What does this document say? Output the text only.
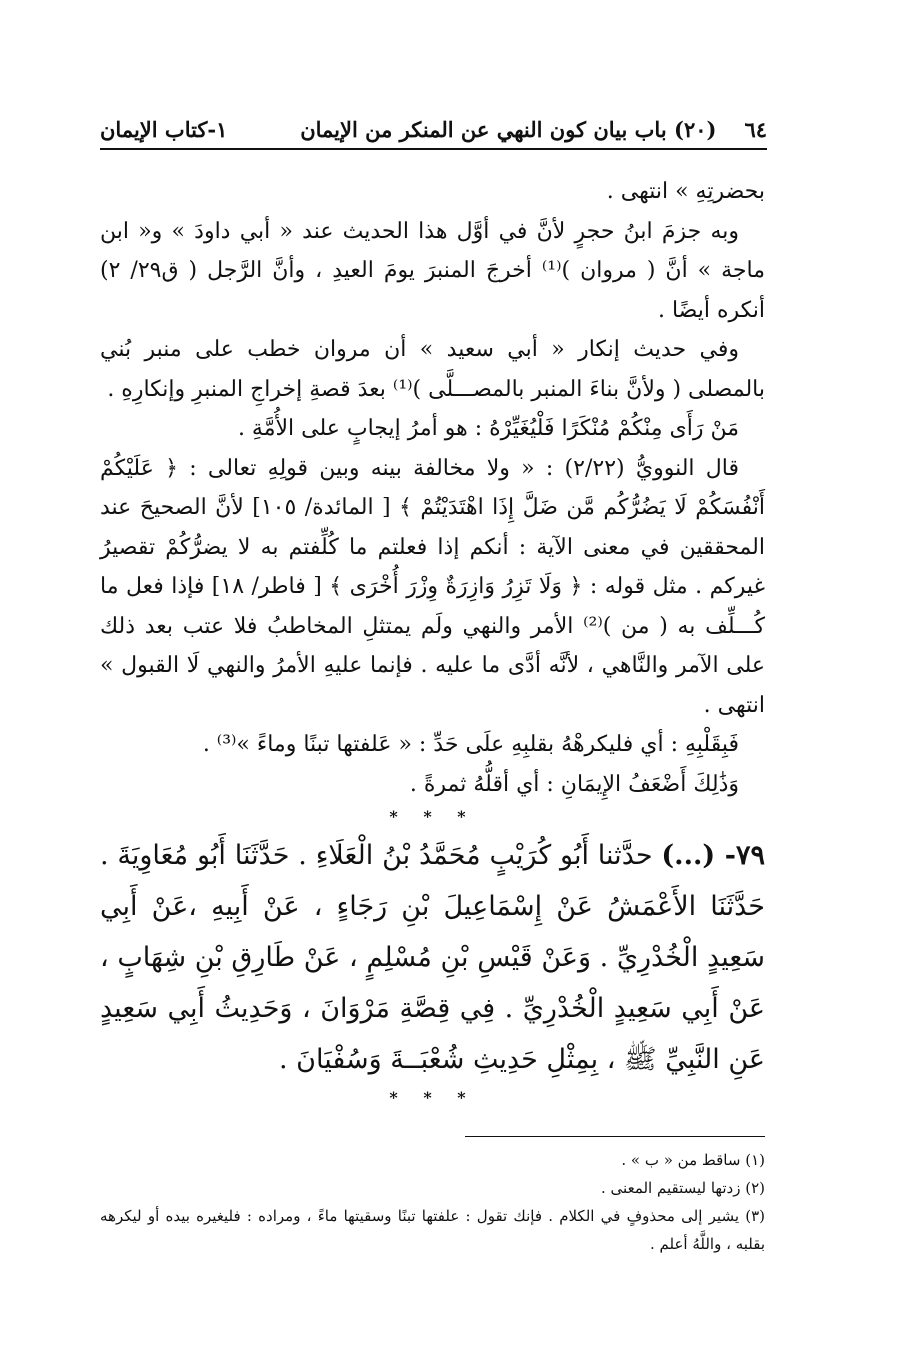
٦٤
(٢٠) باب بيان كون النهي عن المنكر من الإيمان
١-كتاب الإيمان

بحضرتِهِ » انتهى .

وبه جزمَ ابنُ حجرٍ لأنَّ في أوَّل هذا الحديث عند « أبي داودَ » و« ابن ماجة » أنَّ ( مروان )⁽¹⁾ أخرجَ المنبرَ يومَ العيدِ ، وأنَّ الرَّجل ( ق٢٩/ ٢) أنكره أيضًا .

وفي حديث إنكار « أبي سعيد » أن مروان خطب على منبر بُني بالمصلى ( ولأنَّ بناءَ المنبر بالمصـــلَّى )⁽¹⁾ بعدَ قصةِ إخراجِ المنبرِ وإنكارِهِ .

مَنْ رَأَى مِنْكُمْ مُنْكَرًا فَلْيُغَيِّرْهُ : هو أمرُ إيجابٍ على الأُمَّةِ .

قال النوويُّ (٢/٢٢) : « ولا مخالفة بينه وبين قولِهِ تعالى : ﴿ عَلَيْكُمْ أَنْفُسَكُمْ لَا يَضُرُّكُم مَّن ضَلَّ إِذَا اهْتَدَيْتُمْ ﴾ [ المائدة/ ١٠٥] لأنَّ الصحيحَ عند المحققين في معنى الآية : أنكم إذا فعلتم ما كُلِّفتم به لا يضرُّكُمْ تقصيرُ غيركم . مثل قوله : ﴿ وَلَا تَزِرُ وَازِرَةٌ وِزْرَ أُخْرَى ﴾ [ فاطر/ ١٨] فإذا فعل ما كُـــلِّف به ( من )⁽²⁾ الأمر والنهي ولَم يمتثلِ المخاطبُ فلا عتب بعد ذلك على الآمر والنَّاهي ، لأنَّه أدَّى ما عليه . فإنما عليهِ الأمرُ والنهي لَا القبول » انتهى .

فَبِقَلْبِهِ : أي فليكرهْهُ بقلبِهِ علَى حَدِّ : « عَلفتها تبنًا وماءً »⁽³⁾ .

وَذَٰلِكَ أَضْعَفُ الإِيمَانِ : أي أقلُّهُ ثمرةً .

* * *

٧٩- (...) حدَّثنا أَبُو كُرَيْبٍ مُحَمَّدُ بْنُ الْعَلَاءِ . حَدَّثَنَا أَبُو مُعَاوِيَةَ . حَدَّثَنَا الأَعْمَشُ عَنْ إِسْمَاعِيلَ بْنِ رَجَاءٍ ، عَنْ أَبِيهِ ،عَنْ أَبِي سَعِيدٍ الْخُدْرِيِّ . وَعَنْ قَيْسِ بْنِ مُسْلِمٍ ، عَنْ طَارِقِ بْنِ شِهَابٍ ، عَنْ أَبِي سَعِيدٍ الْخُدْرِيِّ . فِي قِصَّةِ مَرْوَانَ ، وَحَدِيثُ أَبِي سَعِيدٍ عَنِ النَّبِيِّ ﷺ ، بِمِثْلِ حَدِيثِ شُعْبَــةَ وَسُفْيَانَ .

* * *

(١) ساقط من « ب » .

(٢) زدتها ليستقيم المعنى .

(٣) يشير إلى محذوفٍ في الكلام . فإنك تقول : علفتها تبنًا وسقيتها ماءً ، ومراده : فليغيره بيده أو ليكرهه بقلبه ، واللَّهُ أعلم .
